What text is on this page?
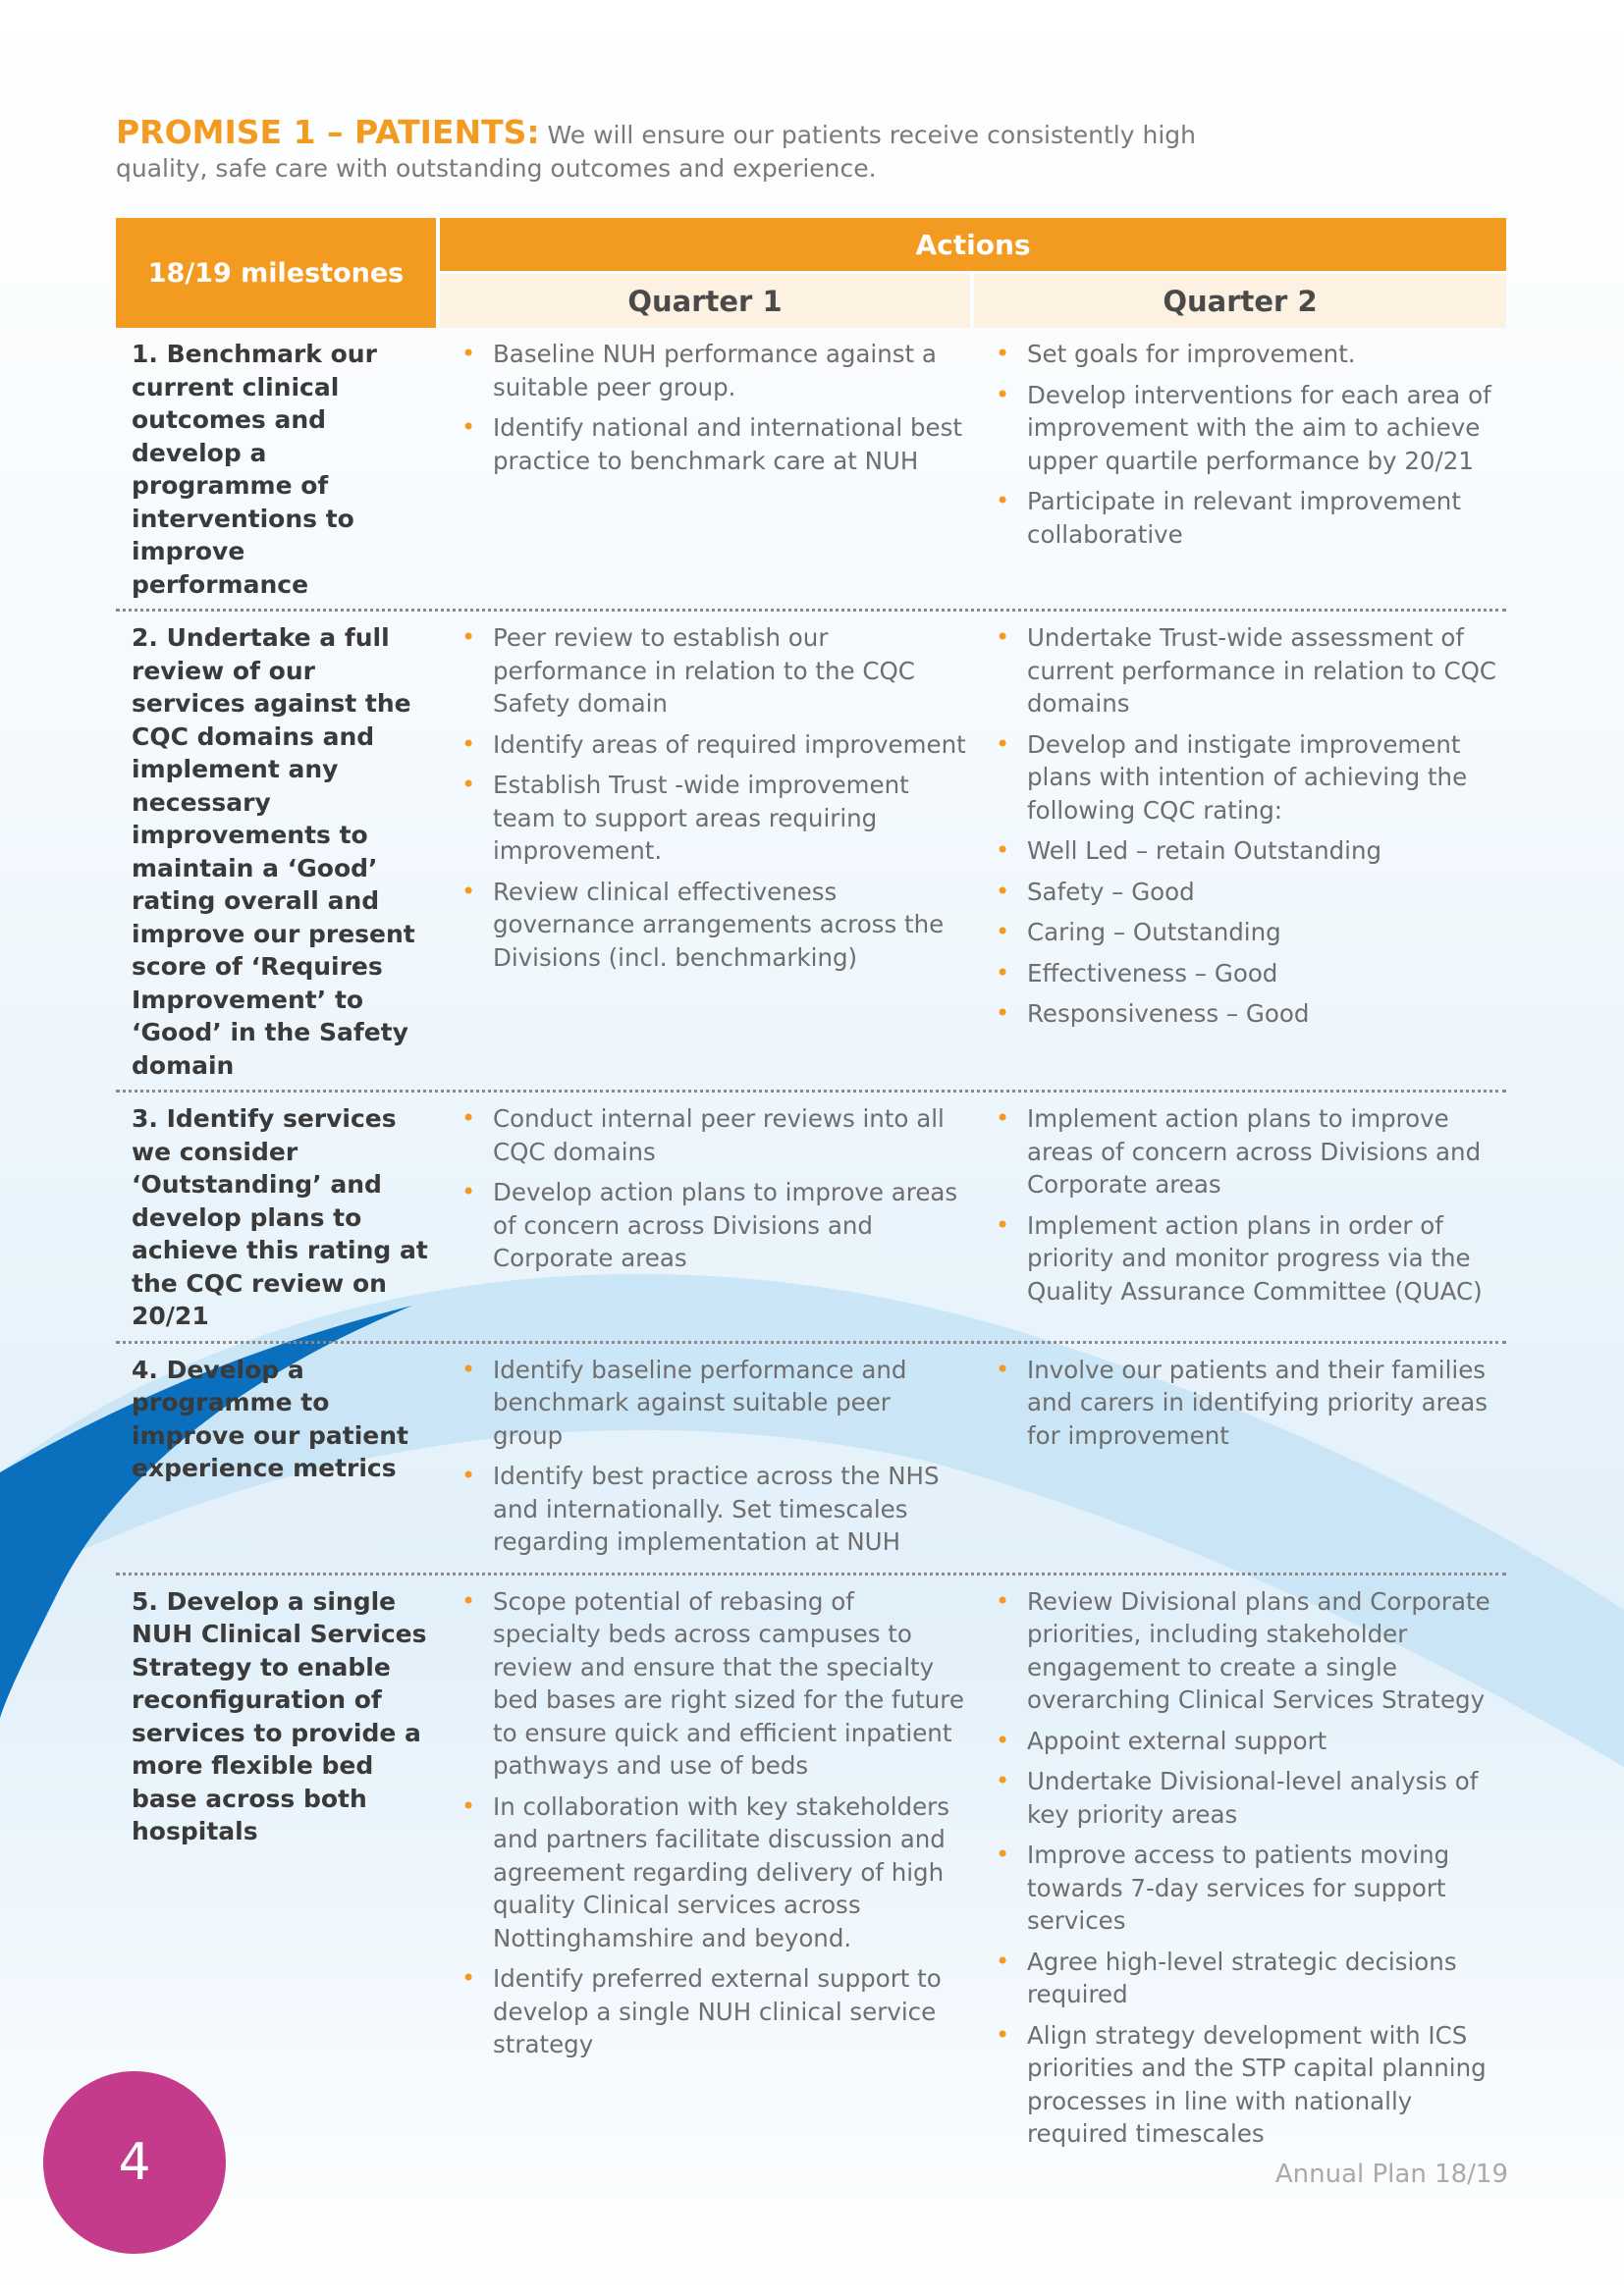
PROMISE 1 – PATIENTS: We will ensure our patients receive consistently high quality, safe care with outstanding outcomes and experience.
18/19 milestones
Actions
Quarter 1	Quarter 2
1. Benchmark our current clinical outcomes and develop a programme of interventions to improve performance
• Baseline NUH performance against a suitable peer group.
• Identify national and international best practice to benchmark care at NUH
• Set goals for improvement.
• Develop interventions for each area of improvement with the aim to achieve upper quartile performance by 20/21
• Participate in relevant improvement collaborative
2. Undertake a full review of our services against the CQC domains and implement any necessary improvements to maintain a ‘Good’ rating overall and improve our present score of ‘Requires Improvement’ to ‘Good’ in the Safety domain
• Peer review to establish our performance in relation to the CQC Safety domain
• Identify areas of required improvement
• Establish Trust -wide improvement team to support areas requiring improvement.
• Review clinical effectiveness governance arrangements across the Divisions (incl. benchmarking)
• Undertake Trust-wide assessment of current performance in relation to CQC domains
• Develop and instigate improvement plans with intention of achieving the following CQC rating:
• Well Led – retain Outstanding
• Safety – Good
• Caring – Outstanding
• Effectiveness – Good
• Responsiveness – Good
3. Identify services we consider ‘Outstanding’ and develop plans to achieve this rating at the CQC review on 20/21
• Conduct internal peer reviews into all CQC domains
• Develop action plans to improve areas of concern across Divisions and Corporate areas
• Implement action plans to improve areas of concern across Divisions and Corporate areas
• Implement action plans in order of priority and monitor progress via the Quality Assurance Committee (QUAC)
4. Develop a programme to improve our patient experience metrics
• Identify baseline performance and benchmark against suitable peer group
• Identify best practice across the NHS and internationally. Set timescales regarding implementation at NUH
• Involve our patients and their families and carers in identifying priority areas for improvement
5. Develop a single NUH Clinical Services Strategy to enable reconfiguration of services to provide a more flexible bed base across both hospitals
• Scope potential of rebasing of specialty beds across campuses to review and ensure that the specialty bed bases are right sized for the future to ensure quick and efficient inpatient pathways and use of beds
• In collaboration with key stakeholders and partners facilitate discussion and agreement regarding delivery of high quality Clinical services across Nottinghamshire and beyond.
• Identify preferred external support to develop a single NUH clinical service strategy
• Review Divisional plans and Corporate priorities, including stakeholder engagement to create a single overarching Clinical Services Strategy
• Appoint external support
• Undertake Divisional-level analysis of key priority areas
• Improve access to patients moving towards 7-day services for support services
• Agree high-level strategic decisions required
• Align strategy development with ICS priorities and the STP capital planning processes in line with nationally required timescales
4	Annual Plan 18/19
